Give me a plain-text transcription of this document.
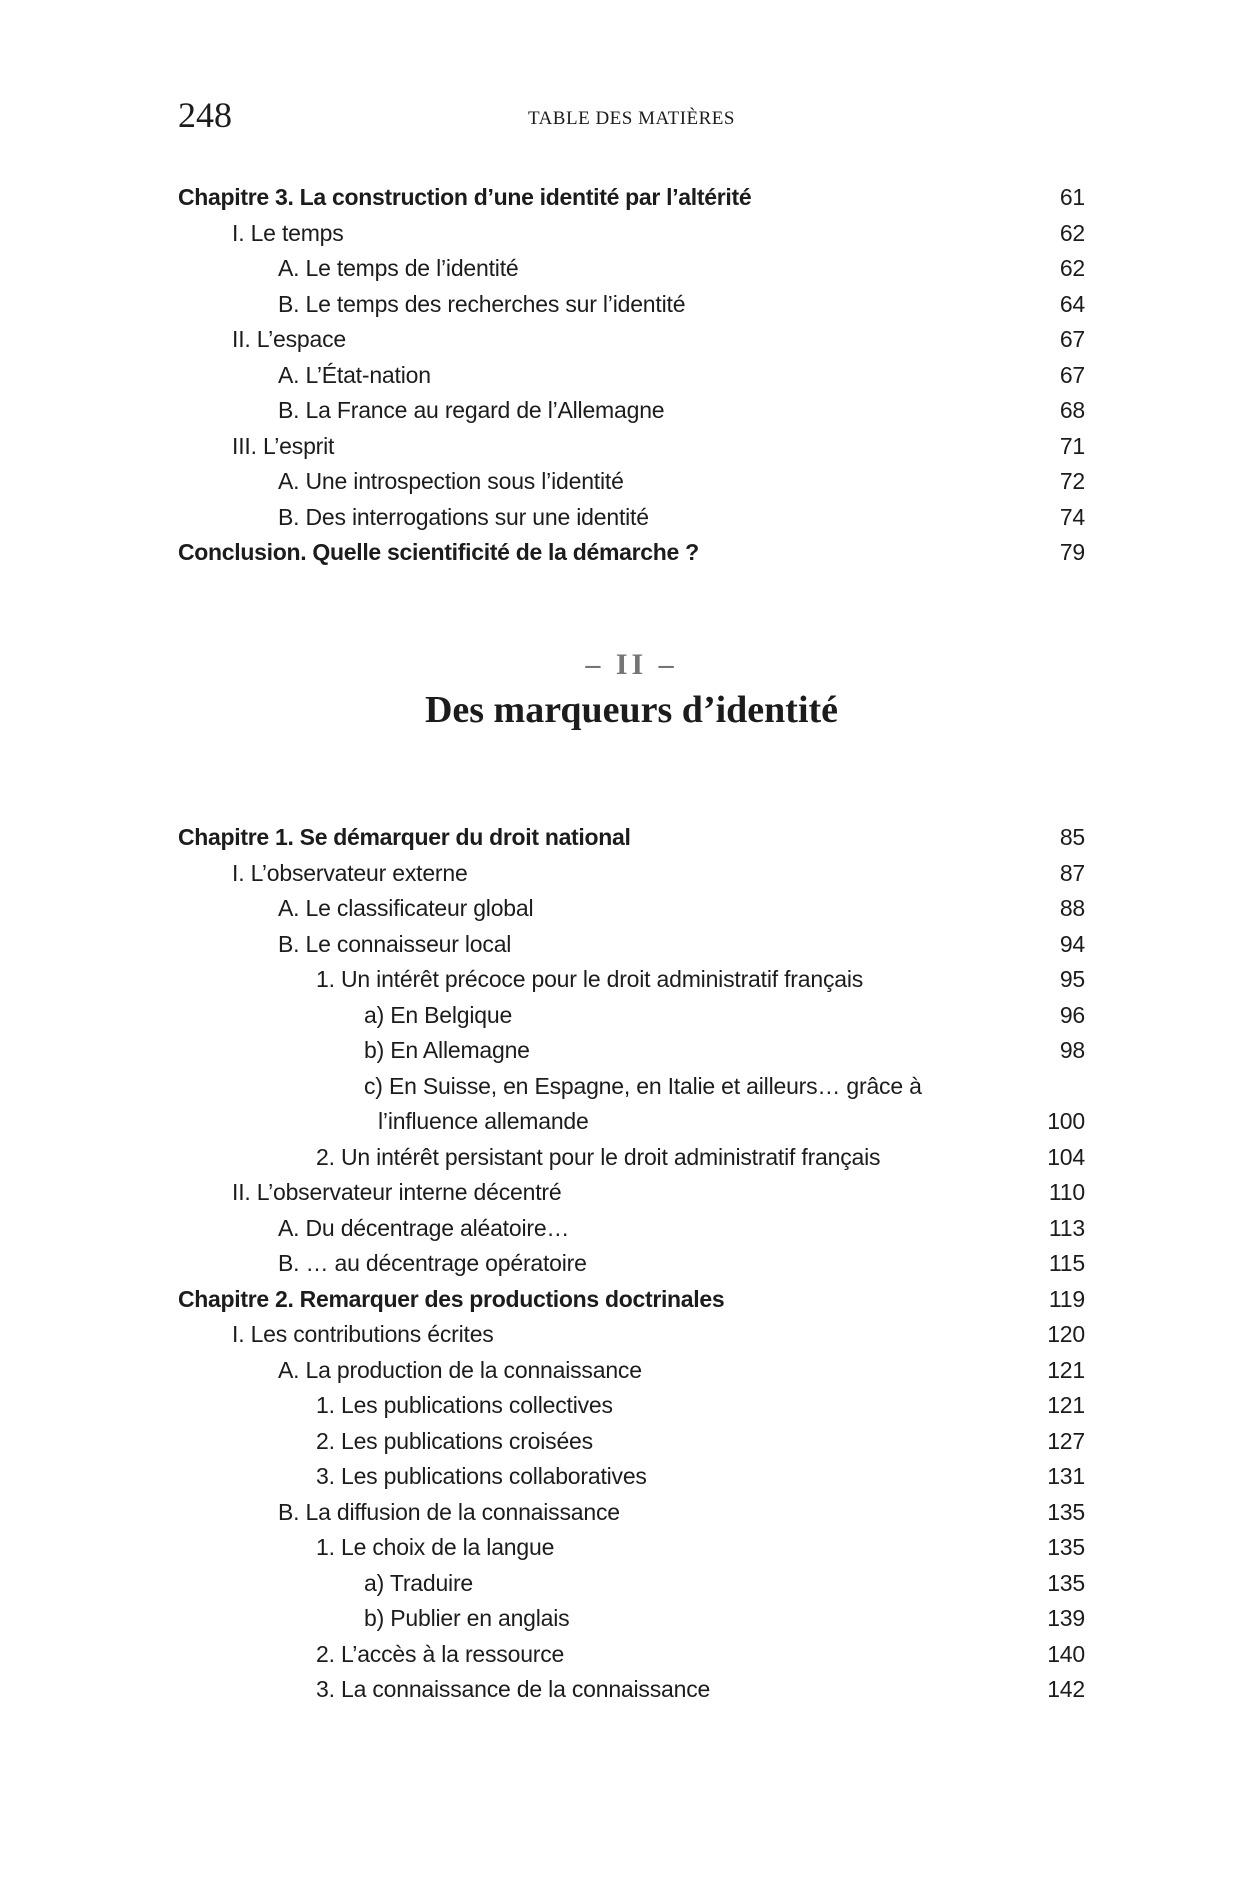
248	TABLE DES MATIÈRES
Chapitre 3. La construction d’une identité par l’altérité	61
I. Le temps	62
A. Le temps de l’identité	62
B. Le temps des recherches sur l’identité	64
II. L’espace	67
A. L’État-nation	67
B. La France au regard de l’Allemagne	68
III. L’esprit	71
A. Une introspection sous l’identité	72
B. Des interrogations sur une identité	74
Conclusion. Quelle scientificité de la démarche ?	79
– II –
Des marqueurs d’identité
Chapitre 1. Se démarquer du droit national	85
I. L’observateur externe	87
A. Le classificateur global	88
B. Le connaisseur local	94
1. Un intérêt précoce pour le droit administratif français	95
a) En Belgique	96
b) En Allemagne	98
c) En Suisse, en Espagne, en Italie et ailleurs… grâce à
l’influence allemande	100
2. Un intérêt persistant pour le droit administratif français	104
II. L’observateur interne décentré	110
A. Du décentrage aléatoire…	113
B. … au décentrage opératoire	115
Chapitre 2. Remarquer des productions doctrinales	119
I. Les contributions écrites	120
A. La production de la connaissance	121
1. Les publications collectives	121
2. Les publications croisées	127
3. Les publications collaboratives	131
B. La diffusion de la connaissance	135
1. Le choix de la langue	135
a) Traduire	135
b) Publier en anglais	139
2. L’accès à la ressource	140
3. La connaissance de la connaissance	142
